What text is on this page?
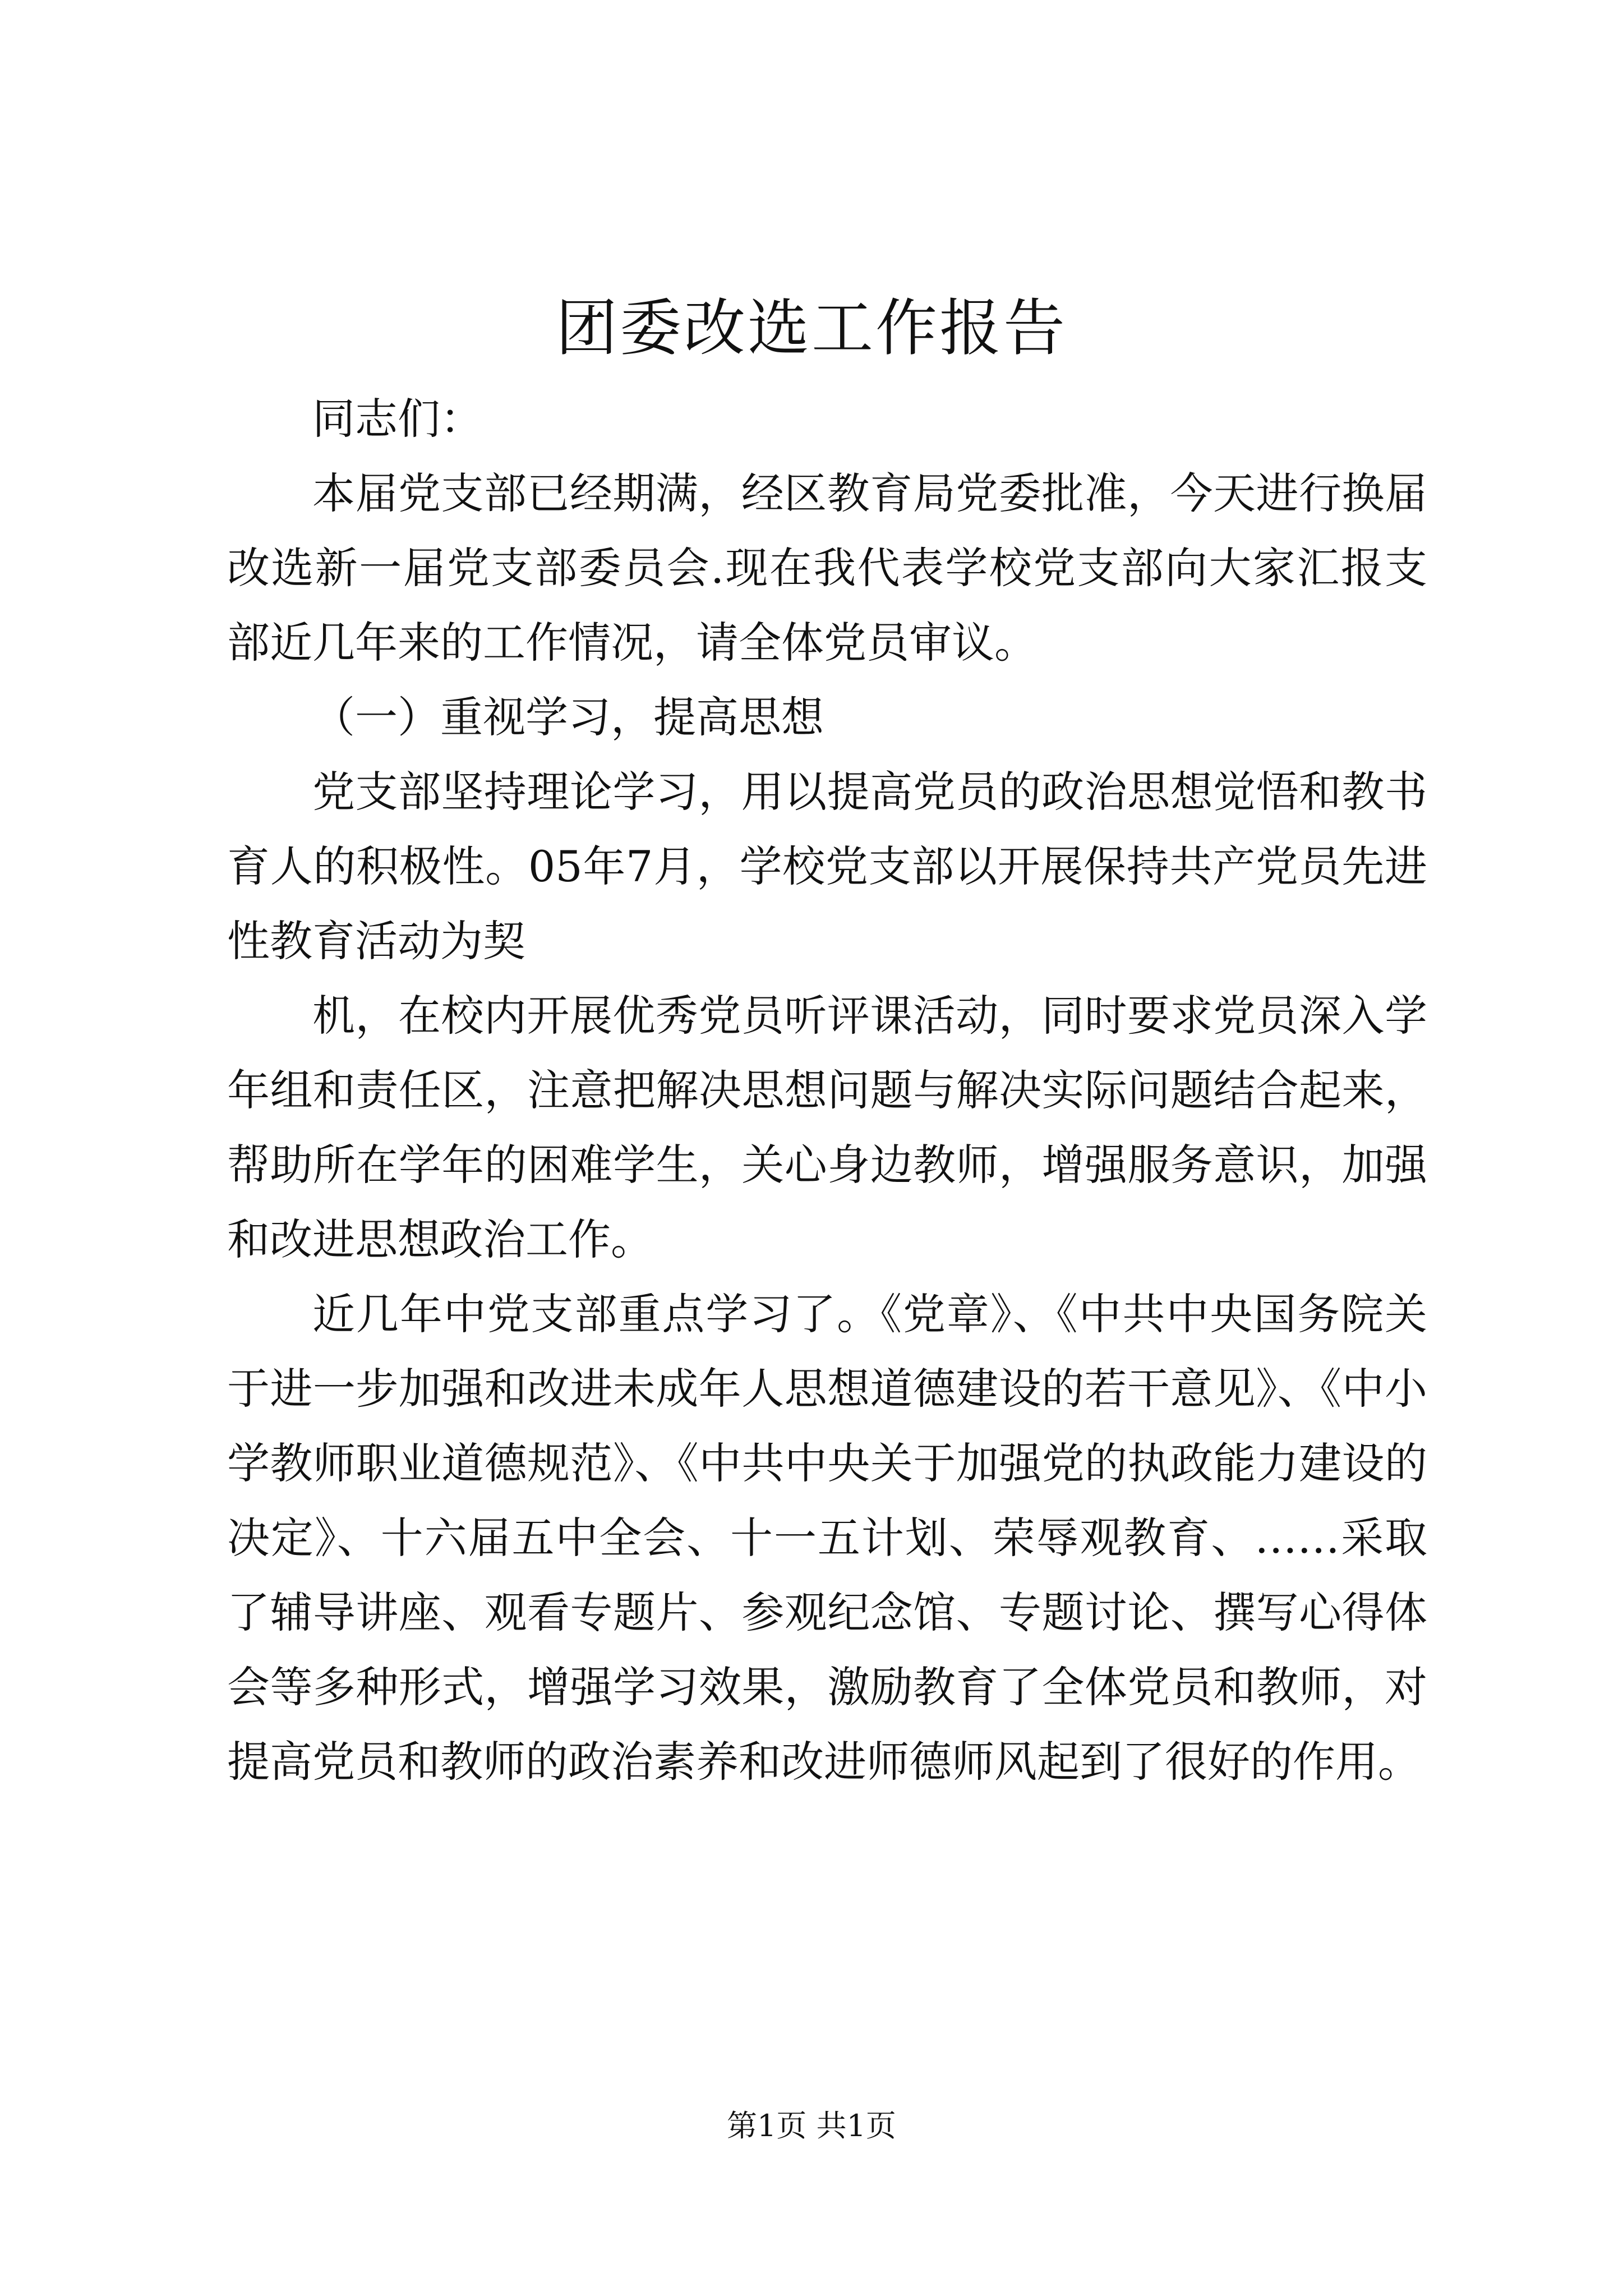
团委改选工作报告

同志们：

本届党支部已经期满，经区教育局党委批准，今天进行换届改选新一届党支部委员会.现在我代表学校党支部向大家汇报支部近几年来的工作情况，请全体党员审议。

（一）重视学习，提高思想

党支部坚持理论学习，用以提高党员的政治思想觉悟和教书育人的积极性。05年7月，学校党支部以开展保持共产党员先进性教育活动为契

机，在校内开展优秀党员听评课活动，同时要求党员深入学年组和责任区，注意把解决思想问题与解决实际问题结合起来，帮助所在学年的困难学生，关心身边教师，增强服务意识，加强和改进思想政治工作。

近几年中党支部重点学习了。《党章》、《中共中央国务院关于进一步加强和改进未成年人思想道德建设的若干意见》、《中小学教师职业道德规范》、《中共中央关于加强党的执政能力建设的决定》、十六届五中全会、十一五计划、荣辱观教育、……采取了辅导讲座、观看专题片、参观纪念馆、专题讨论、撰写心得体会等多种形式，增强学习效果，激励教育了全体党员和教师，对提高党员和教师的政治素养和改进师德师风起到了很好的作用。

第1页 共1页
